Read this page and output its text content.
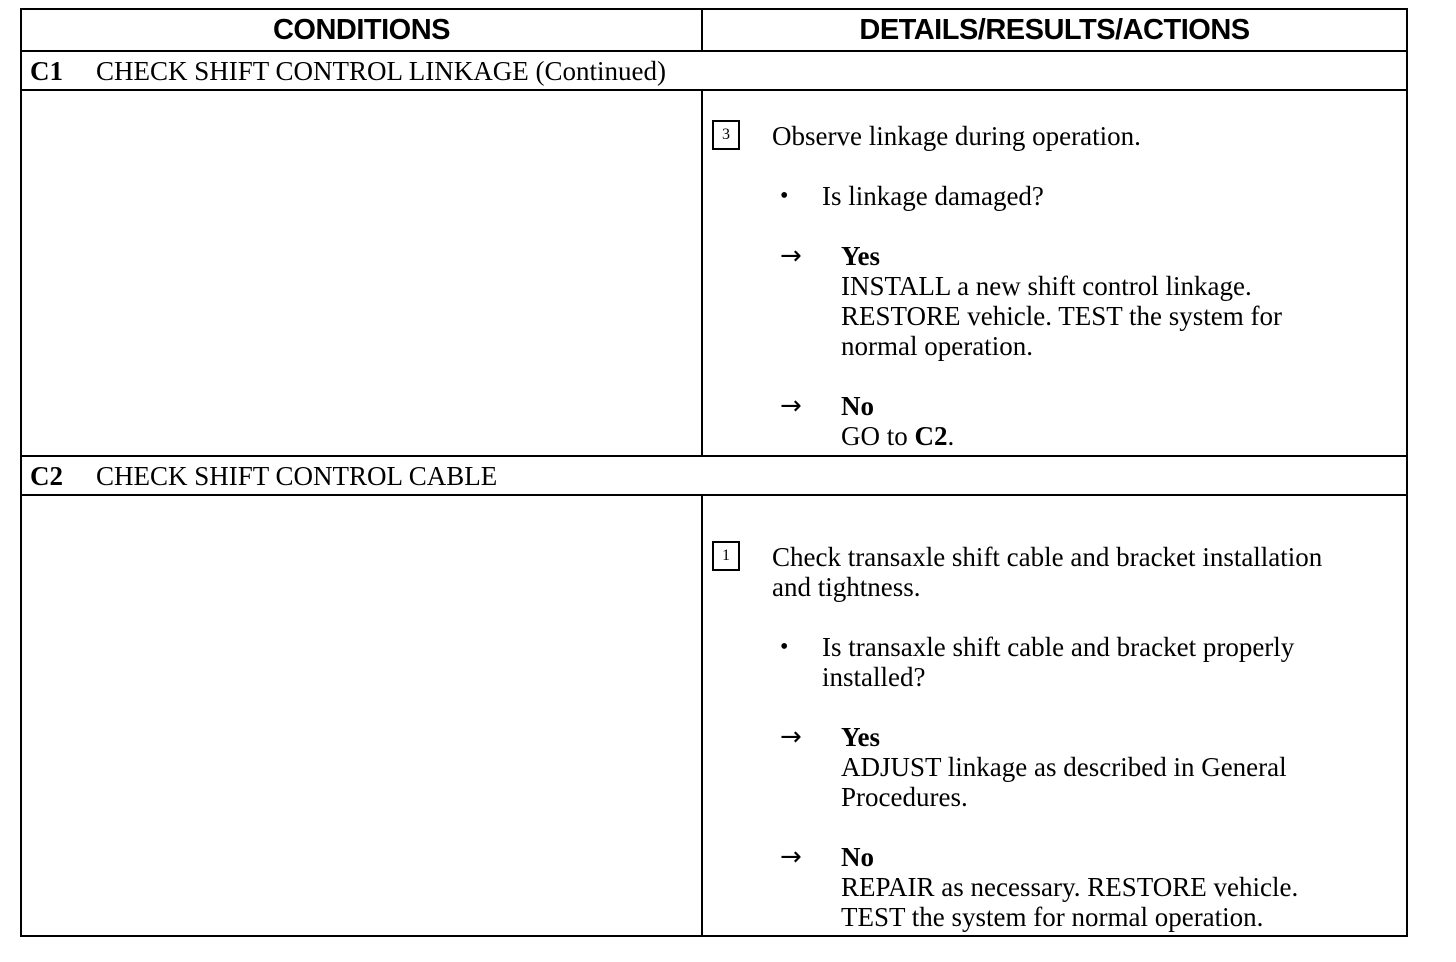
CONDITIONS	DETAILS/RESULTS/ACTIONS
C1 CHECK SHIFT CONTROL LINKAGE (Continued)
3	Observe linkage during operation.
• Is linkage damaged?
→ Yes
INSTALL a new shift control linkage.
RESTORE vehicle. TEST the system for
normal operation.
→ No
GO to C2.
C2 CHECK SHIFT CONTROL CABLE
1	Check transaxle shift cable and bracket installation
and tightness.
• Is transaxle shift cable and bracket properly
installed?
→ Yes
ADJUST linkage as described in General
Procedures.
→ No
REPAIR as necessary. RESTORE vehicle.
TEST the system for normal operation.
